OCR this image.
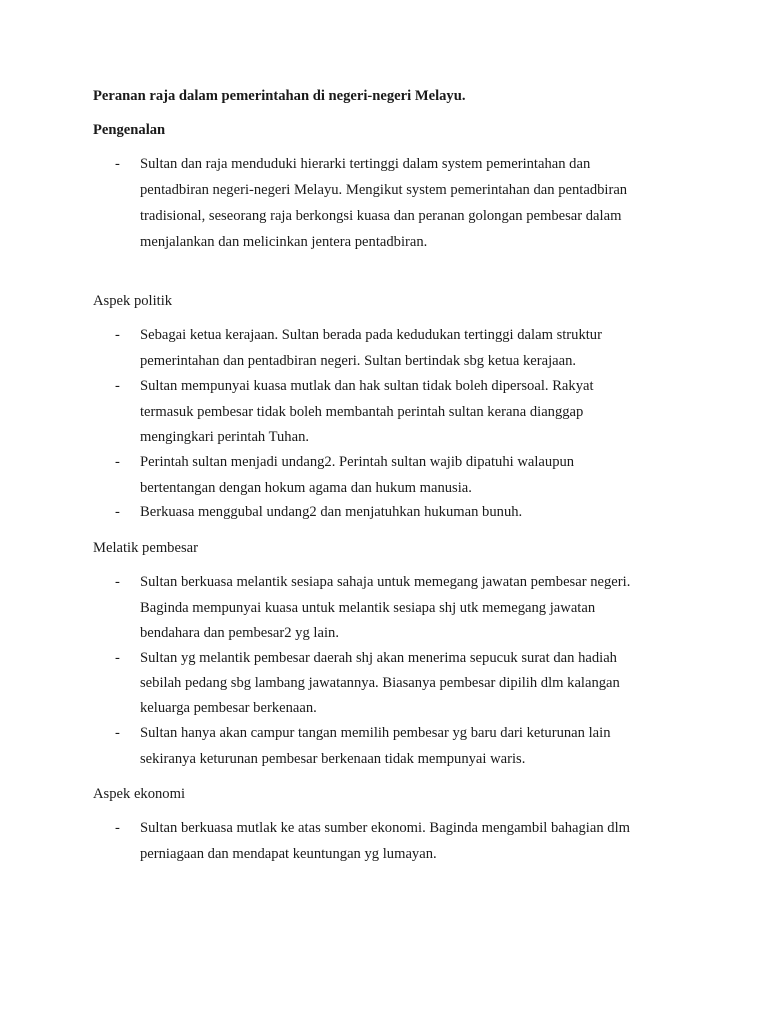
Peranan raja dalam pemerintahan di negeri-negeri Melayu.
Pengenalan
- Sultan dan raja menduduki hierarki tertinggi dalam system pemerintahan dan
pentadbiran negeri-negeri Melayu. Mengikut system pemerintahan dan pentadbiran
tradisional, seseorang raja berkongsi kuasa dan peranan golongan pembesar dalam
menjalankan dan melicinkan jentera pentadbiran.
Aspek politik
- Sebagai ketua kerajaan. Sultan berada pada kedudukan tertinggi dalam struktur
pemerintahan dan pentadbiran negeri. Sultan bertindak sbg ketua kerajaan.
- Sultan mempunyai kuasa mutlak dan hak sultan tidak boleh dipersoal. Rakyat
termasuk pembesar tidak boleh membantah perintah sultan kerana dianggap
mengingkari perintah Tuhan.
- Perintah sultan menjadi undang2. Perintah sultan wajib dipatuhi walaupun
bertentangan dengan hokum agama dan hukum manusia.
- Berkuasa menggubal undang2 dan menjatuhkan hukuman bunuh.
Melatik pembesar
- Sultan berkuasa melantik sesiapa sahaja untuk memegang jawatan pembesar negeri.
Baginda mempunyai kuasa untuk melantik sesiapa shj utk memegang jawatan
bendahara dan pembesar2 yg lain.
- Sultan yg melantik pembesar daerah shj akan menerima sepucuk surat dan hadiah
sebilah pedang sbg lambang jawatannya. Biasanya pembesar dipilih dlm kalangan
keluarga pembesar berkenaan.
- Sultan hanya akan campur tangan memilih pembesar yg baru dari keturunan lain
sekiranya keturunan pembesar berkenaan tidak mempunyai waris.
Aspek ekonomi
- Sultan berkuasa mutlak ke atas sumber ekonomi. Baginda mengambil bahagian dlm
perniagaan dan mendapat keuntungan yg lumayan.
